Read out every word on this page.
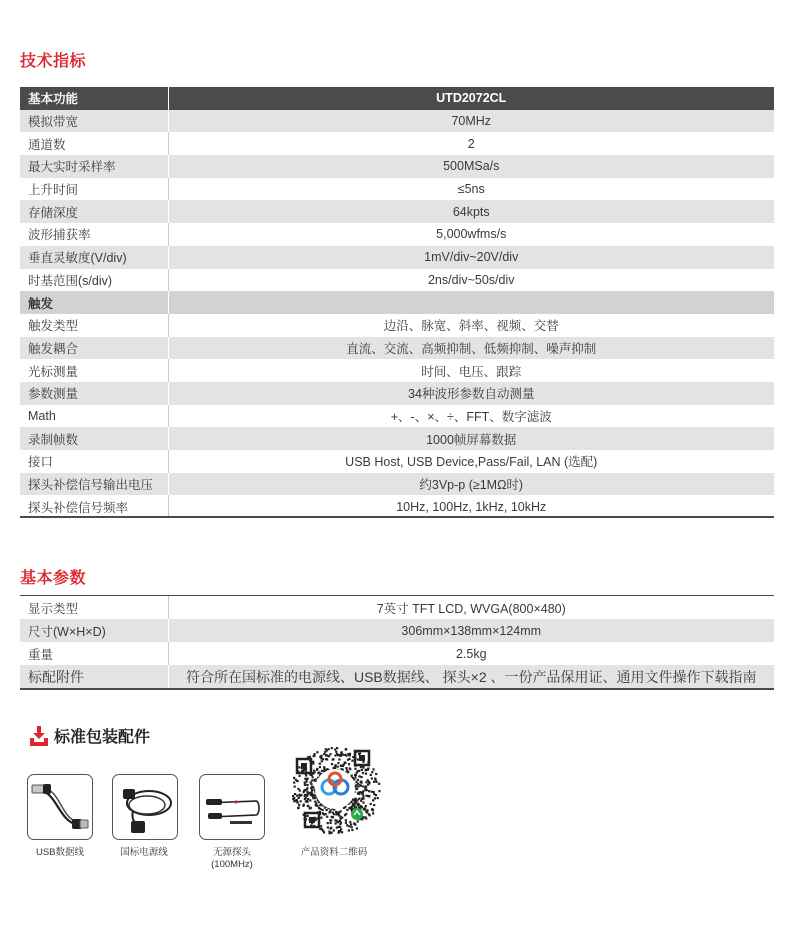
技术指标
基本功能	UTD2072CL
模拟带宽	70MHz
通道数	2
最大实时采样率	500MSa/s
上升时间	≤5ns
存储深度	64kpts
波形捕获率	5,000wfms/s
垂直灵敏度(V/div)	1mV/div~20V/div
时基范围(s/div)	2ns/div~50s/div
触发	
触发类型	边沿、脉宽、斜率、视频、交替
触发耦合	直流、交流、高频抑制、低频抑制、噪声抑制
光标测量	时间、电压、跟踪
参数测量	34种波形参数自动测量
Math	+、-、×、÷、FFT、数字滤波
录制帧数	1000帧屏幕数据
接口	USB Host, USB Device,Pass/Fail, LAN (选配)
探头补偿信号输出电压	约3Vp-p (≥1MΩ时)
探头补偿信号频率	10Hz, 100Hz, 1kHz, 10kHz
基本参数
显示类型	7英寸 TFT LCD, WVGA(800×480)
尺寸(W×H×D)	306mm×138mm×124mm
重量	2.5kg
标配附件	符合所在国标准的电源线、USB数据线、 探头×2 、一份产品保用证、通用文件操作下载指南
标准包装配件
USB数据线	国标电源线	无源探头
(100MHz)
产品资料二维码
